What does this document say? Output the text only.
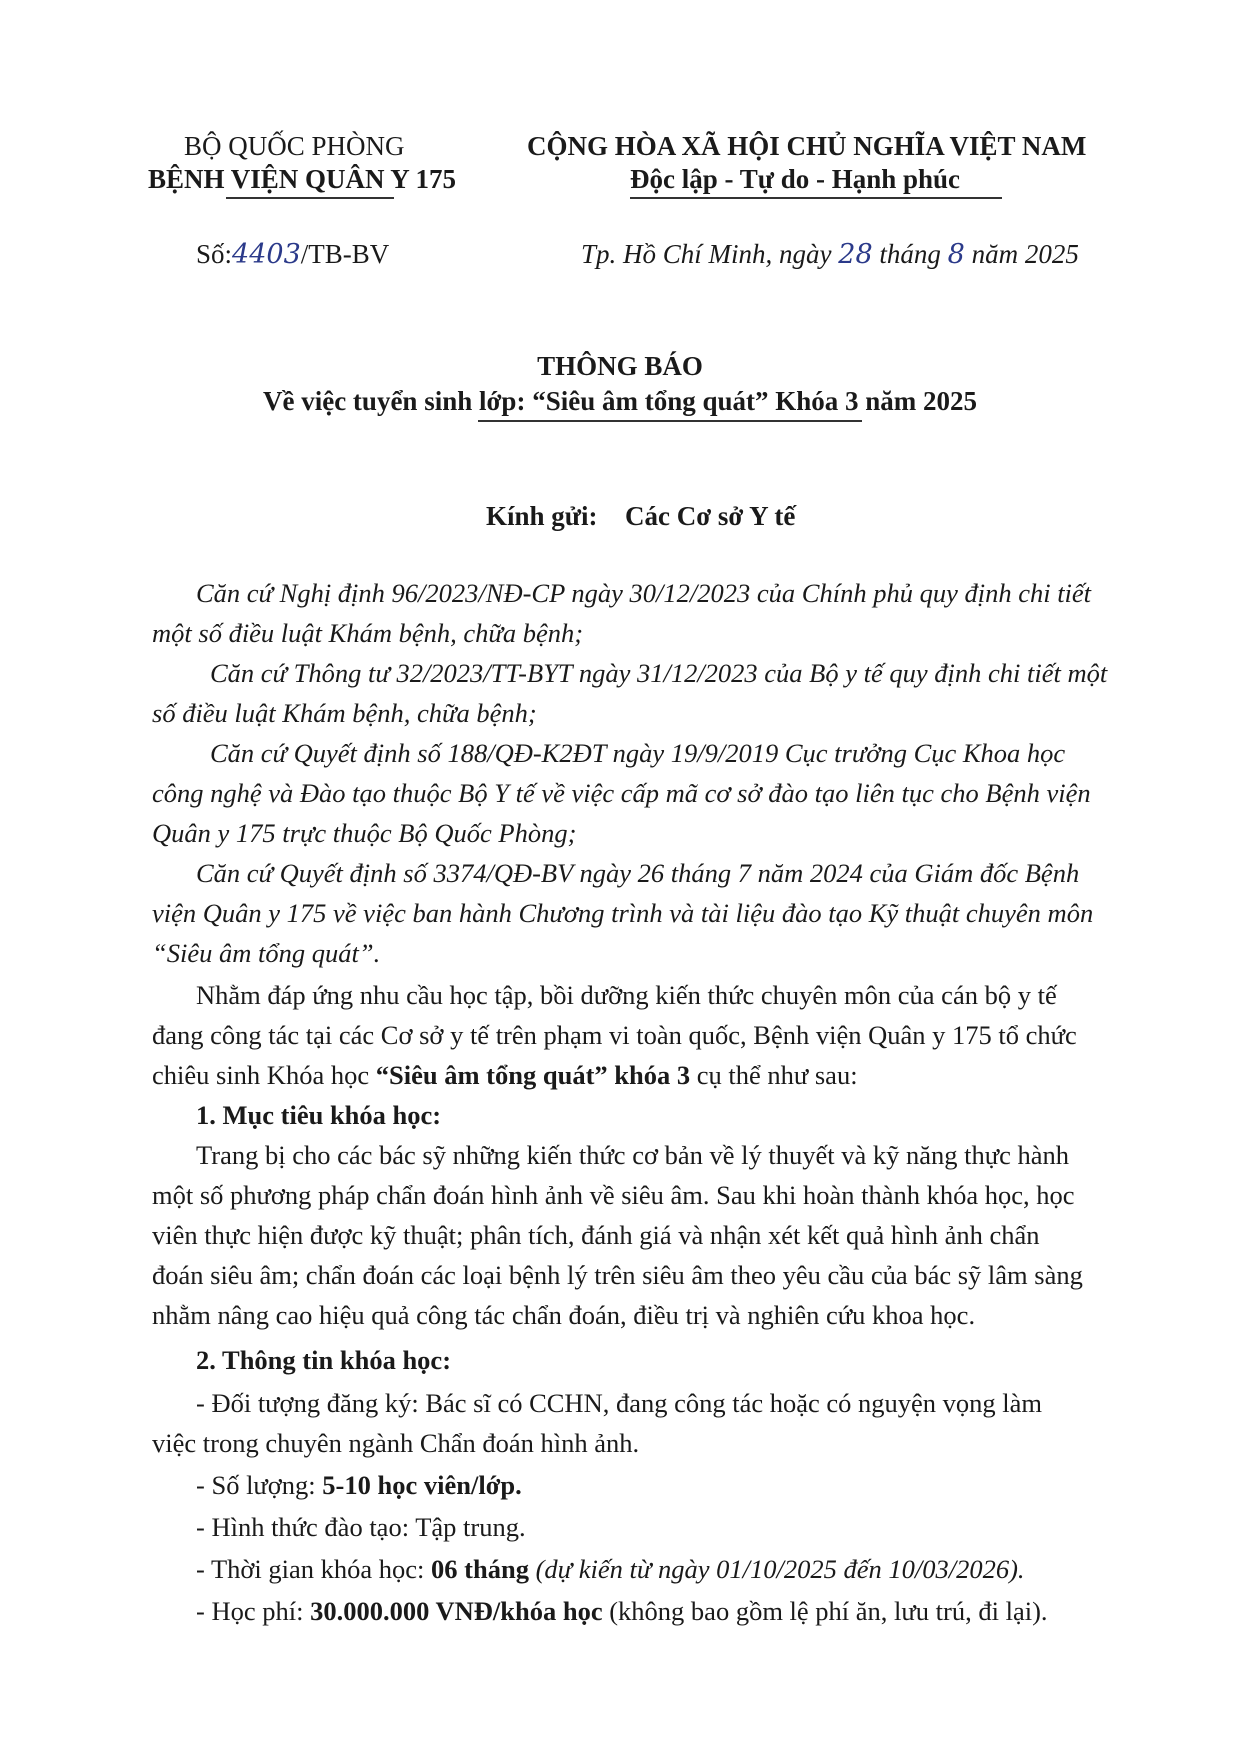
BỘ QUỐC PHÒNG
BỆNH VIỆN QUÂN Y 175
CỘNG HÒA XÃ HỘI CHỦ NGHĨA VIỆT NAM
Độc lập - Tự do - Hạnh phúc
Số:4403/TB-BV	Tp. Hồ Chí Minh, ngày 28 tháng 8 năm 2025
THÔNG BÁO
Về việc tuyển sinh lớp: “Siêu âm tổng quát” Khóa 3 năm 2025
Kính gửi: Các Cơ sở Y tế
Căn cứ Nghị định 96/2023/NĐ-CP ngày 30/12/2023 của Chính phủ quy định chi tiết
một số điều luật Khám bệnh, chữa bệnh;
Căn cứ Thông tư 32/2023/TT-BYT ngày 31/12/2023 của Bộ y tế quy định chi tiết một
số điều luật Khám bệnh, chữa bệnh;
Căn cứ Quyết định số 188/QĐ-K2ĐT ngày 19/9/2019 Cục trưởng Cục Khoa học
công nghệ và Đào tạo thuộc Bộ Y tế về việc cấp mã cơ sở đào tạo liên tục cho Bệnh viện
Quân y 175 trực thuộc Bộ Quốc Phòng;
Căn cứ Quyết định số 3374/QĐ-BV ngày 26 tháng 7 năm 2024 của Giám đốc Bệnh
viện Quân y 175 về việc ban hành Chương trình và tài liệu đào tạo Kỹ thuật chuyên môn
“Siêu âm tổng quát”.
Nhằm đáp ứng nhu cầu học tập, bồi dưỡng kiến thức chuyên môn của cán bộ y tế
đang công tác tại các Cơ sở y tế trên phạm vi toàn quốc, Bệnh viện Quân y 175 tổ chức
chiêu sinh Khóa học “Siêu âm tổng quát” khóa 3 cụ thể như sau:
1. Mục tiêu khóa học:
Trang bị cho các bác sỹ những kiến thức cơ bản về lý thuyết và kỹ năng thực hành
một số phương pháp chẩn đoán hình ảnh về siêu âm. Sau khi hoàn thành khóa học, học
viên thực hiện được kỹ thuật; phân tích, đánh giá và nhận xét kết quả hình ảnh chẩn
đoán siêu âm; chẩn đoán các loại bệnh lý trên siêu âm theo yêu cầu của bác sỹ lâm sàng
nhằm nâng cao hiệu quả công tác chẩn đoán, điều trị và nghiên cứu khoa học.
2. Thông tin khóa học:
- Đối tượng đăng ký: Bác sĩ có CCHN, đang công tác hoặc có nguyện vọng làm
việc trong chuyên ngành Chẩn đoán hình ảnh.
- Số lượng: 5-10 học viên/lớp.
- Hình thức đào tạo: Tập trung.
- Thời gian khóa học: 06 tháng (dự kiến từ ngày 01/10/2025 đến 10/03/2026).
- Học phí: 30.000.000 VNĐ/khóa học (không bao gồm lệ phí ăn, lưu trú, đi lại).
